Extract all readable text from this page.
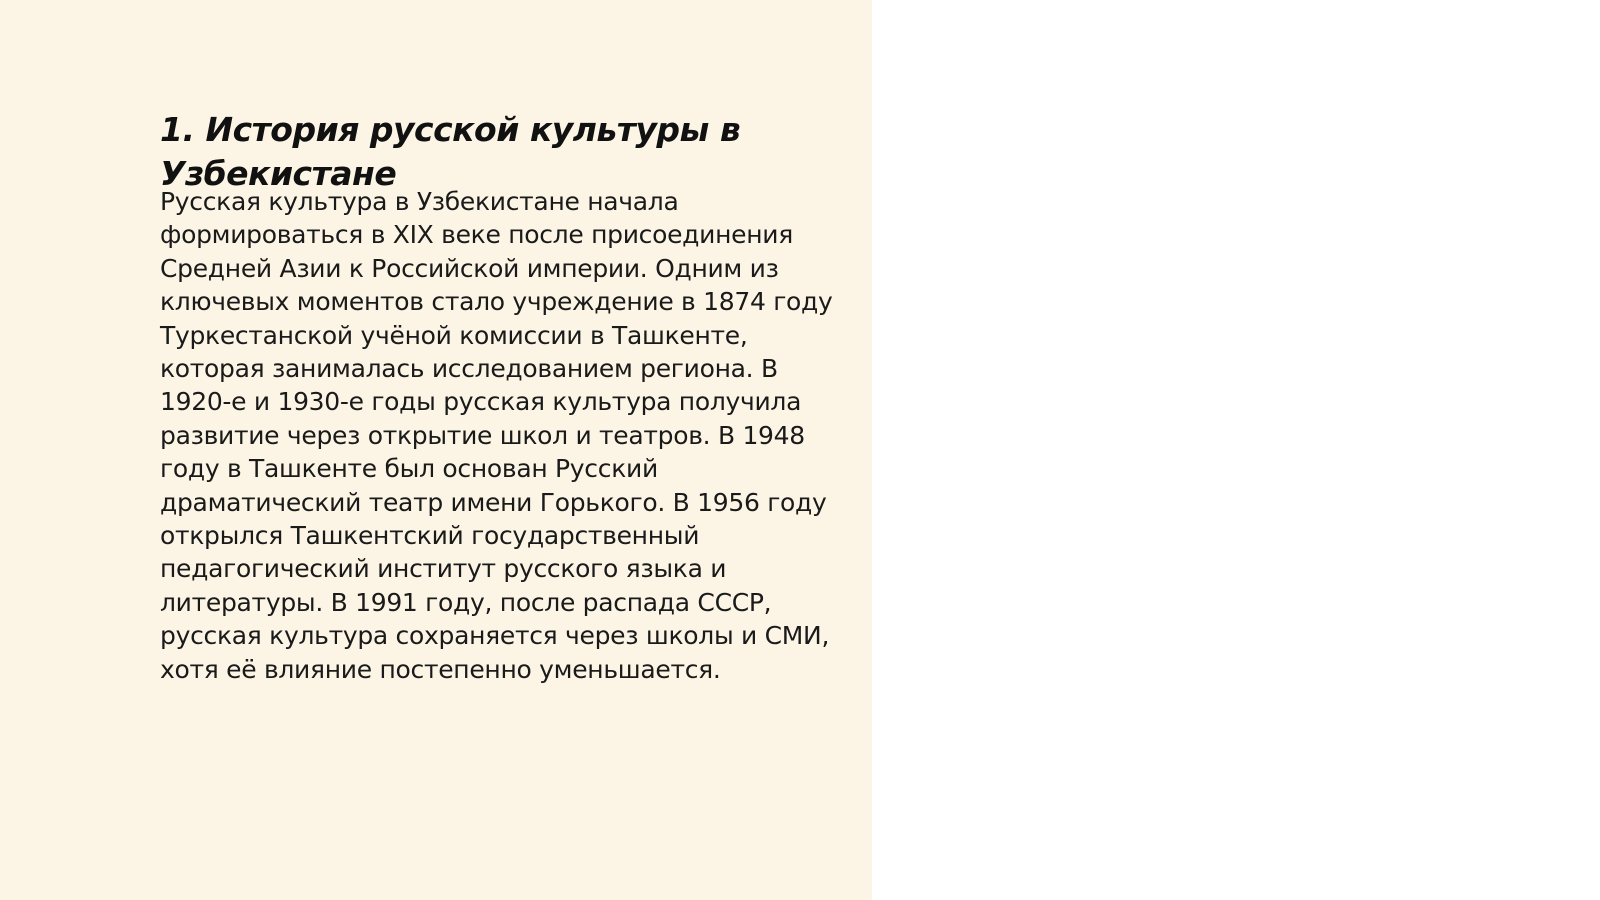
1. История русской культуры в Узбекистане

Русская культура в Узбекистане начала формироваться в XIX веке после присоединения Средней Азии к Российской империи. Одним из ключевых моментов стало учреждение в 1874 году Туркестанской учёной комиссии в Ташкенте, которая занималась исследованием региона. В 1920-е и 1930-е годы русская культура получила развитие через открытие школ и театров. В 1948 году в Ташкенте был основан Русский драматический театр имени Горького. В 1956 году открылся Ташкентский государственный педагогический институт русского языка и литературы. В 1991 году, после распада СССР, русская культура сохраняется через школы и СМИ, хотя её влияние постепенно уменьшается.
